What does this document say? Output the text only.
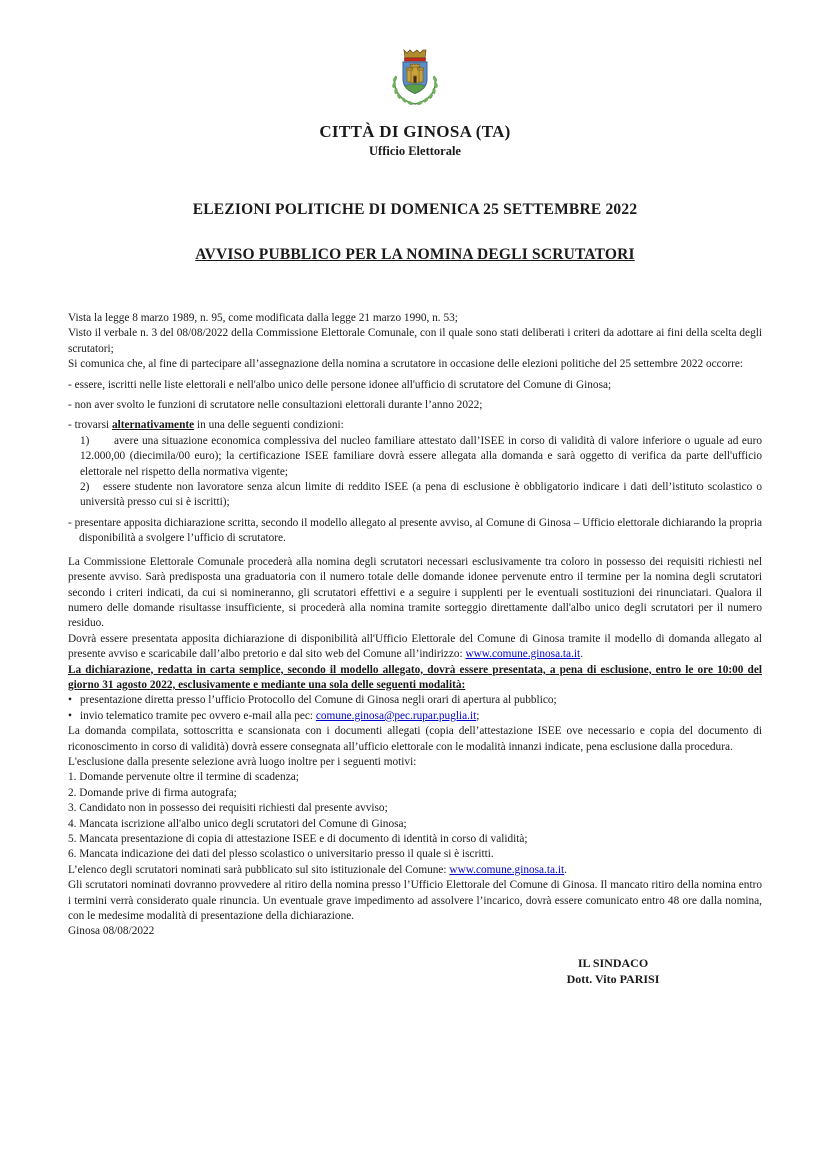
CITTÀ DI GINOSA (TA)
Ufficio Elettorale
ELEZIONI POLITICHE DI DOMENICA 25 SETTEMBRE 2022
AVVISO PUBBLICO PER LA NOMINA DEGLI SCRUTATORI
Vista la legge 8 marzo 1989, n. 95, come modificata dalla legge 21 marzo 1990, n. 53;
Visto il verbale n. 3 del 08/08/2022 della Commissione Elettorale Comunale, con il quale sono stati deliberati i criteri da adottare ai fini della scelta degli scrutatori;
Si comunica che, al fine di partecipare all’assegnazione della nomina a scrutatore in occasione delle elezioni politiche del 25 settembre 2022 occorre:
- essere, iscritti nelle liste elettorali e nell'albo unico delle persone idonee all'ufficio di scrutatore del Comune di Ginosa;
- non aver svolto le funzioni di scrutatore nelle consultazioni elettorali durante l’anno 2022;
- trovarsi alternativamente in una delle seguenti condizioni:
1) avere una situazione economica complessiva del nucleo familiare attestato dall’ISEE in corso di validità di valore inferiore o uguale ad euro 12.000,00 (diecimila/00 euro); la certificazione ISEE familiare dovrà essere allegata alla domanda e sarà oggetto di verifica da parte dell'ufficio elettorale nel rispetto della normativa vigente;
2) essere studente non lavoratore senza alcun limite di reddito ISEE (a pena di esclusione è obbligatorio indicare i dati dell’istituto scolastico o università presso cui si è iscritti);
- presentare apposita dichiarazione scritta, secondo il modello allegato al presente avviso, al Comune di Ginosa – Ufficio elettorale dichiarando la propria disponibilità a svolgere l’ufficio di scrutatore.
La Commissione Elettorale Comunale procederà alla nomina degli scrutatori necessari esclusivamente tra coloro in possesso dei requisiti richiesti nel presente avviso. Sarà predisposta una graduatoria con il numero totale delle domande idonee pervenute entro il termine per la nomina degli scrutatori secondo i criteri indicati, da cui si nomineranno, gli scrutatori effettivi e a seguire i supplenti per le eventuali sostituzioni dei rinunciatari. Qualora il numero delle domande risultasse insufficiente, si procederà alla nomina tramite sorteggio direttamente dall'albo unico degli scrutatori per il numero residuo.
Dovrà essere presentata apposita dichiarazione di disponibilità all'Ufficio Elettorale del Comune di Ginosa tramite il modello di domanda allegato al presente avviso e scaricabile dall’albo pretorio e dal sito web del Comune all’indirizzo: www.comune.ginosa.ta.it.
La dichiarazione, redatta in carta semplice, secondo il modello allegato, dovrà essere presentata, a pena di esclusione, entro le ore 10:00 del giorno 31 agosto 2022, esclusivamente e mediante una sola delle seguenti modalità:
• presentazione diretta presso l’ufficio Protocollo del Comune di Ginosa negli orari di apertura al pubblico;
• invio telematico tramite pec ovvero e-mail alla pec: comune.ginosa@pec.rupar.puglia.it;
La domanda compilata, sottoscritta e scansionata con i documenti allegati (copia dell’attestazione ISEE ove necessario e copia del documento di riconoscimento in corso di validità) dovrà essere consegnata all’ufficio elettorale con le modalità innanzi indicate, pena esclusione dalla procedura.
L'esclusione dalla presente selezione avrà luogo inoltre per i seguenti motivi:
1. Domande pervenute oltre il termine di scadenza;
2. Domande prive di firma autografa;
3. Candidato non in possesso dei requisiti richiesti dal presente avviso;
4. Mancata iscrizione all'albo unico degli scrutatori del Comune di Ginosa;
5. Mancata presentazione di copia di attestazione ISEE e di documento di identità in corso di validità;
6. Mancata indicazione dei dati del plesso scolastico o universitario presso il quale si è iscritti.
L’elenco degli scrutatori nominati sarà pubblicato sul sito istituzionale del Comune: www.comune.ginosa.ta.it.
Gli scrutatori nominati dovranno provvedere al ritiro della nomina presso l’Ufficio Elettorale del Comune di Ginosa. Il mancato ritiro della nomina entro i termini verrà considerato quale rinuncia. Un eventuale grave impedimento ad assolvere l’incarico, dovrà essere comunicato entro 48 ore dalla nomina, con le medesime modalità di presentazione della dichiarazione.
Ginosa 08/08/2022
IL SINDACO
Dott. Vito PARISI
